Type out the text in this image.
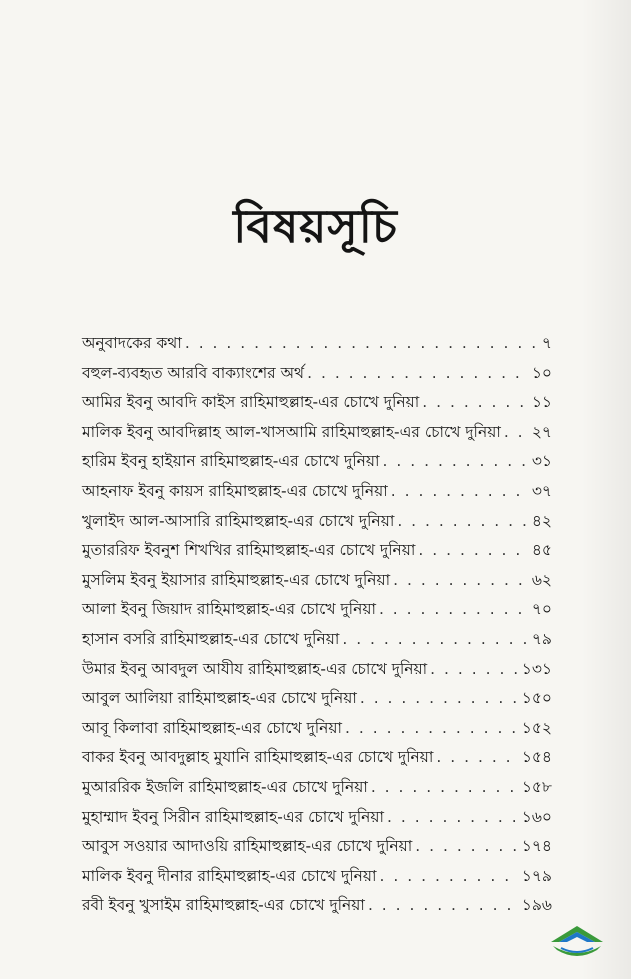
বিষয়সূচি
অনুবাদকের কথা . . .	৭
বহুল-ব্যবহৃত আরবি বাক্যাংশের অর্থ . . .	১০
আমির ইবনু আবদি কাইস রাহিমাহুল্লাহ-এর চোখে দুনিয়া . . .	১১
মালিক ইবনু আবদিল্লাহ আল-খাসআমি রাহিমাহুল্লাহ-এর চোখে দুনিয়া . . . ২৭
হারিম ইবনু হাইয়ান রাহিমাহুল্লাহ-এর চোখে দুনিয়া . . .	৩১
আহনাফ ইবনু কায়স রাহিমাহুল্লাহ-এর চোখে দুনিয়া . . .	৩৭
খুলাইদ আল-আসারি রাহিমাহুল্লাহ-এর চোখে দুনিয়া . . .	৪২
মুতাররিফ ইবনুশ শিখখির রাহিমাহুল্লাহ-এর চোখে দুনিয়া . . .	৪৫
মুসলিম ইবনু ইয়াসার রাহিমাহুল্লাহ-এর চোখে দুনিয়া . . .	৬২
আলা ইবনু জিয়াদ রাহিমাহুল্লাহ-এর চোখে দুনিয়া . . .	৭০
হাসান বসরি রাহিমাহুল্লাহ-এর চোখে দুনিয়া . . .	৭৯
উমার ইবনু আবদুল আযীয রাহিমাহুল্লাহ-এর চোখে দুনিয়া . . .	১৩১
আবুল আলিয়া রাহিমাহুল্লাহ-এর চোখে দুনিয়া . . .	১৫০
আবূ কিলাবা রাহিমাহুল্লাহ-এর চোখে দুনিয়া . . .	১৫২
বাকর ইবনু আবদুল্লাহ মুযানি রাহিমাহুল্লাহ-এর চোখে দুনিয়া . . .	১৫৪
মুআররিক ইজলি রাহিমাহুল্লাহ-এর চোখে দুনিয়া . . .	১৫৮
মুহাম্মাদ ইবনু সিরীন রাহিমাহুল্লাহ-এর চোখে দুনিয়া . . .	১৬০
আবুস সওয়ার আদাওয়ি রাহিমাহুল্লাহ-এর চোখে দুনিয়া . . .	১৭৪
মালিক ইবনু দীনার রাহিমাহুল্লাহ-এর চোখে দুনিয়া . . .	১৭৯
রবী ইবনু খুসাইম রাহিমাহুল্লাহ-এর চোখে দুনিয়া . . .	১৯৬
